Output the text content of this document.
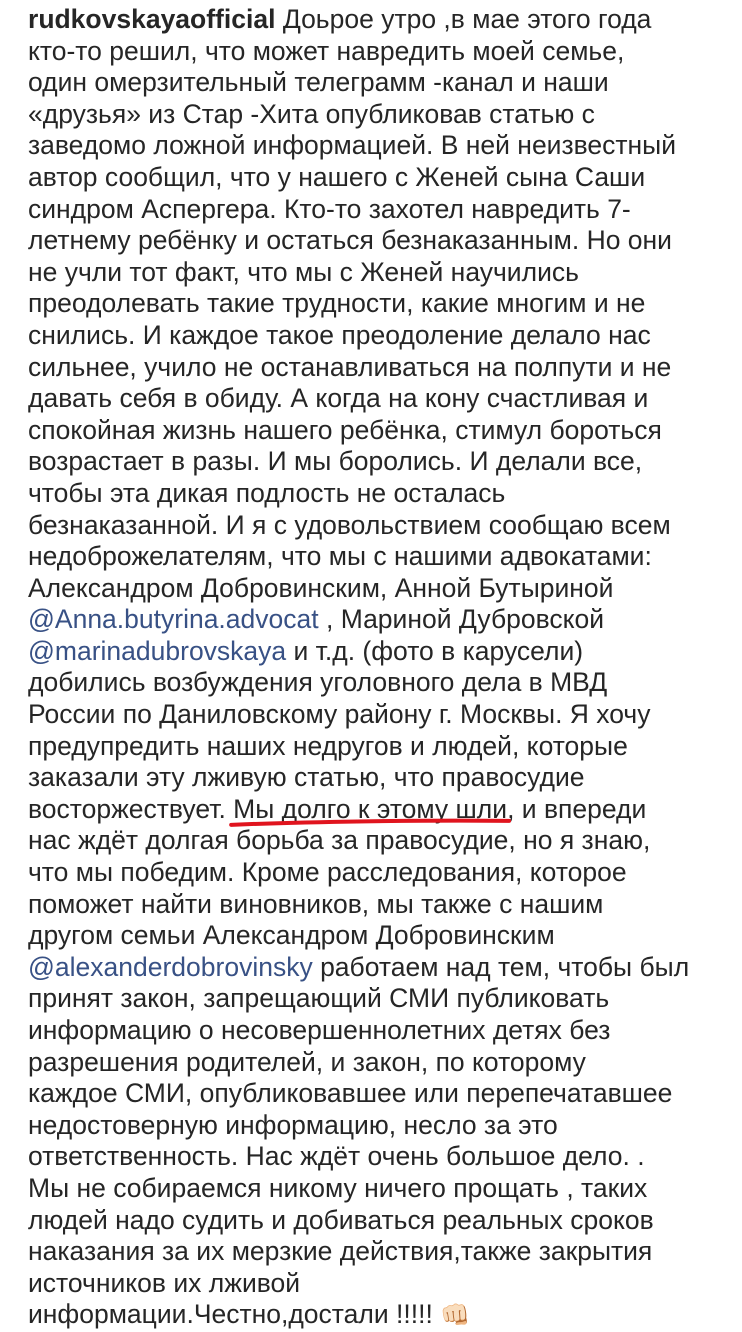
rudkovskayaofficial Доьрое утро ,в мае этого года
кто-то решил, что может навредить моей семье,
один омерзительный телеграмм -канал и наши
«друзья» из Стар -Хита опубликовав статью с
заведомо ложной информацией. В ней неизвестный
автор сообщил, что у нашего с Женей сына Саши
синдром Аспергера. Кто-то захотел навредить 7-
летнему ребёнку и остаться безнаказанным. Но они
не учли тот факт, что мы с Женей научились
преодолевать такие трудности, какие многим и не
снились. И каждое такое преодоление делало нас
сильнее, учило не останавливаться на полпути и не
давать себя в обиду. А когда на кону счастливая и
спокойная жизнь нашего ребёнка, стимул бороться
возрастает в разы. И мы боролись. И делали все,
чтобы эта дикая подлость не осталась
безнаказанной. И я с удовольствием сообщаю всем
недоброжелателям, что мы с нашими адвокатами:
Александром Добровинским, Анной Бутыриной
@Anna.butyrina.advocat , Мариной Дубровской
@marinadubrovskaya и т.д. (фото в карусели)
добились возбуждения уголовного дела в МВД
России по Даниловскому району г. Москвы. Я хочу
предупредить наших недругов и людей, которые
заказали эту лживую статью, что правосудие
восторжествует. Мы долго к этому шли, и впереди
нас ждёт долгая борьба за правосудие, но я знаю,
что мы победим. Кроме расследования, которое
поможет найти виновников, мы также с нашим
другом семьи Александром Добровинским
@alexanderdobrovinsky работаем над тем, чтобы был
принят закон, запрещающий СМИ публиковать
информацию о несовершеннолетних детях без
разрешения родителей, и закон, по которому
каждое СМИ, опубликовавшее или перепечатавшее
недостоверную информацию, несло за это
ответственность. Нас ждёт очень большое дело. .
Мы не собираемся никому ничего прощать , таких
людей надо судить и добиваться реальных сроков
наказания за их мерзкие действия,также закрытия
источников их лживой
информации.Честно,достали !!!!! 👊🏻
